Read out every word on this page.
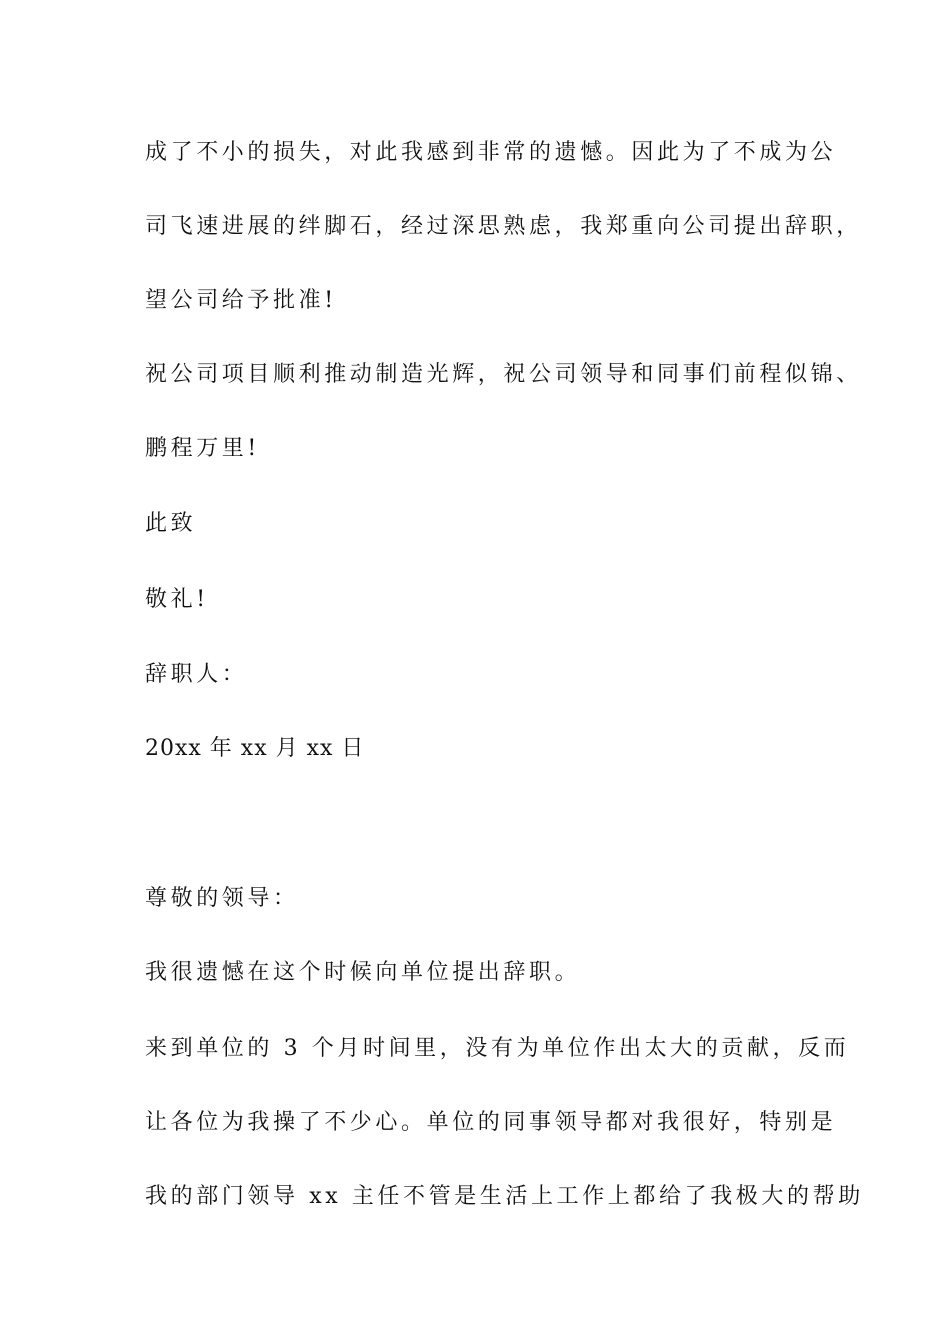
成了不小的损失，对此我感到非常的遗憾。因此为了不成为公
司飞速进展的绊脚石，经过深思熟虑，我郑重向公司提出辞职，
望公司给予批准!
祝公司项目顺利推动制造光辉，祝公司领导和同事们前程似锦、
鹏程万里!
此致
敬礼!
辞职人：
20xx 年 xx 月 xx 日
尊敬的领导：
我很遗憾在这个时候向单位提出辞职。
来到单位的 3 个月时间里，没有为单位作出太大的贡献，反而
让各位为我操了不少心。单位的同事领导都对我很好，特别是
我的部门领导 xx 主任不管是生活上工作上都给了我极大的帮助
